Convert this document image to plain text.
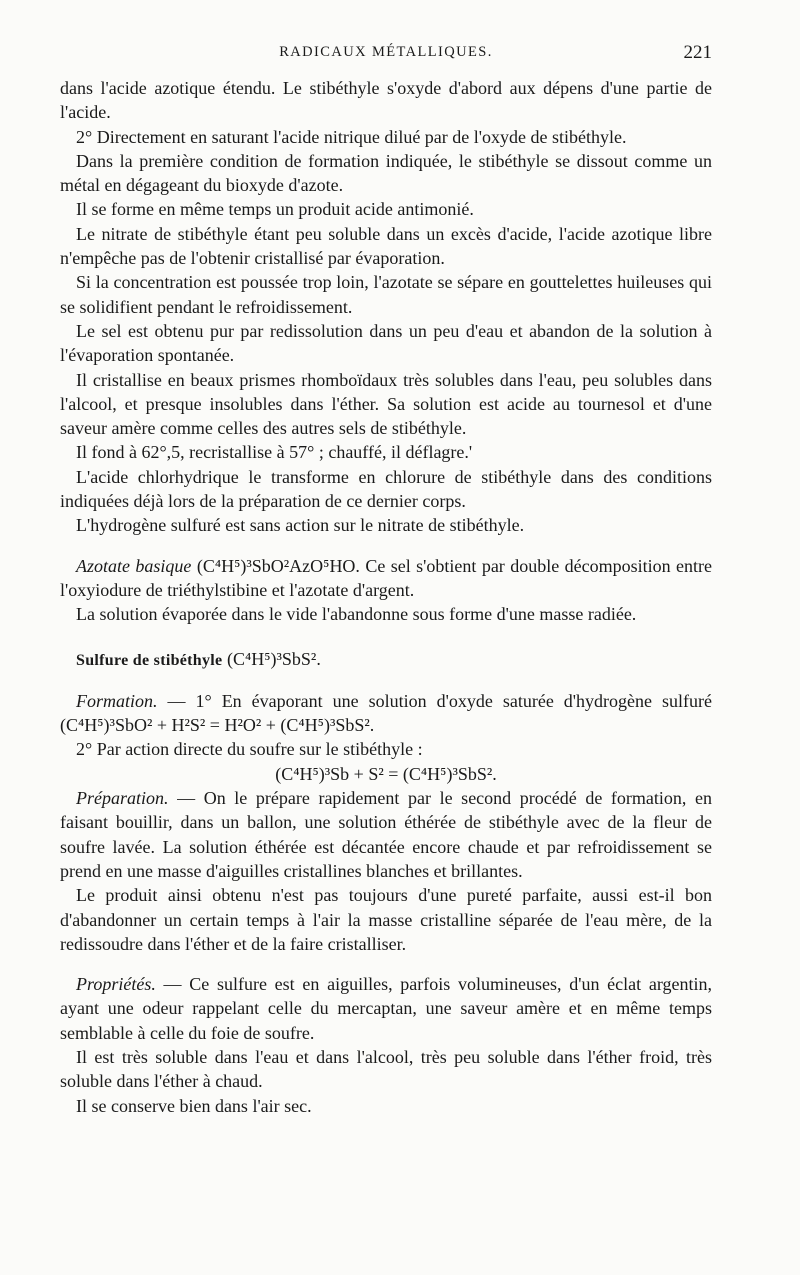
RADICAUX MÉTALLIQUES.	221

dans l'acide azotique étendu. Le stibéthyle s'oxyde d'abord aux dépens d'une partie de l'acide.

2° Directement en saturant l'acide nitrique dilué par de l'oxyde de stibéthyle.

Dans la première condition de formation indiquée, le stibéthyle se dissout comme un métal en dégageant du bioxyde d'azote.

Il se forme en même temps un produit acide antimonié.

Le nitrate de stibéthyle étant peu soluble dans un excès d'acide, l'acide azotique libre n'empêche pas de l'obtenir cristallisé par évaporation.

Si la concentration est poussée trop loin, l'azotate se sépare en gouttelettes huileuses qui se solidifient pendant le refroidissement.

Le sel est obtenu pur par redissolution dans un peu d'eau et abandon de la solution à l'évaporation spontanée.

Il cristallise en beaux prismes rhomboïdaux très solubles dans l'eau, peu solubles dans l'alcool, et presque insolubles dans l'éther. Sa solution est acide au tournesol et d'une saveur amère comme celles des autres sels de stibéthyle.

Il fond à 62°,5, recristallise à 57° ; chauffé, il déflagre.'

L'acide chlorhydrique le transforme en chlorure de stibéthyle dans des conditions indiquées déjà lors de la préparation de ce dernier corps.

L'hydrogène sulfuré est sans action sur le nitrate de stibéthyle.

Azotate basique (C⁴H⁵)³SbO²AzO⁵HO. Ce sel s'obtient par double décomposition entre l'oxyiodure de triéthylstibine et l'azotate d'argent.

La solution évaporée dans le vide l'abandonne sous forme d'une masse radiée.

Sulfure de stibéthyle (C⁴H⁵)³SbS².

Formation. — 1° En évaporant une solution d'oxyde saturée d'hydrogène sulfuré (C⁴H⁵)³SbO² + H²S² = H²O² + (C⁴H⁵)³SbS².

2° Par action directe du soufre sur le stibéthyle :

(C⁴H⁵)³Sb + S² = (C⁴H⁵)³SbS².

Préparation. — On le prépare rapidement par le second procédé de formation, en faisant bouillir, dans un ballon, une solution éthérée de stibéthyle avec de la fleur de soufre lavée. La solution éthérée est décantée encore chaude et par refroidissement se prend en une masse d'aiguilles cristallines blanches et brillantes.

Le produit ainsi obtenu n'est pas toujours d'une pureté parfaite, aussi est-il bon d'abandonner un certain temps à l'air la masse cristalline séparée de l'eau mère, de la redissoudre dans l'éther et de la faire cristalliser.

Propriétés. — Ce sulfure est en aiguilles, parfois volumineuses, d'un éclat argentin, ayant une odeur rappelant celle du mercaptan, une saveur amère et en même temps semblable à celle du foie de soufre.

Il est très soluble dans l'eau et dans l'alcool, très peu soluble dans l'éther froid, très soluble dans l'éther à chaud.

Il se conserve bien dans l'air sec.
